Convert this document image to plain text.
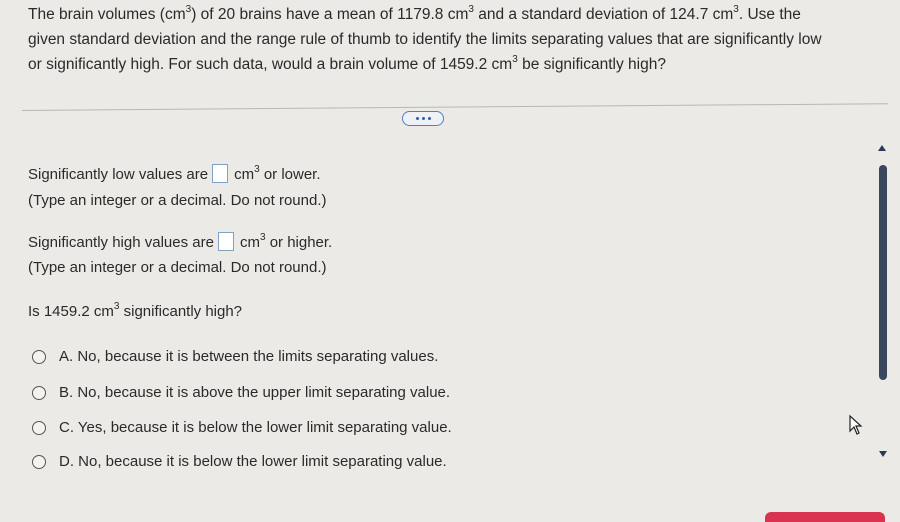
The brain volumes $(cm^3)$ of 20 brains have a mean of 1179.8 $cm^3$ and a standard deviation of 124.7 $cm^3$. Use the

given standard deviation and the range rule of thumb to identify the limits separating values that are significantly low

or significantly high. For such data, would a brain volume of 1459.2 $cm^3$ be significantly high?

Significantly low values are $cm^3$ or lower.
(Type an integer or a decimal. Do not round.)
Significantly high values are $cm^3$ or higher.
(Type an integer or a decimal. Do not round.)
Is 1459.2 $cm^3$ significantly high?
A. No, because it is between the limits separating values.
B. No, because it is above the upper limit separating value.
C. Yes, because it is below the lower limit separating value.
D. No, because it is below the lower limit separating value.
